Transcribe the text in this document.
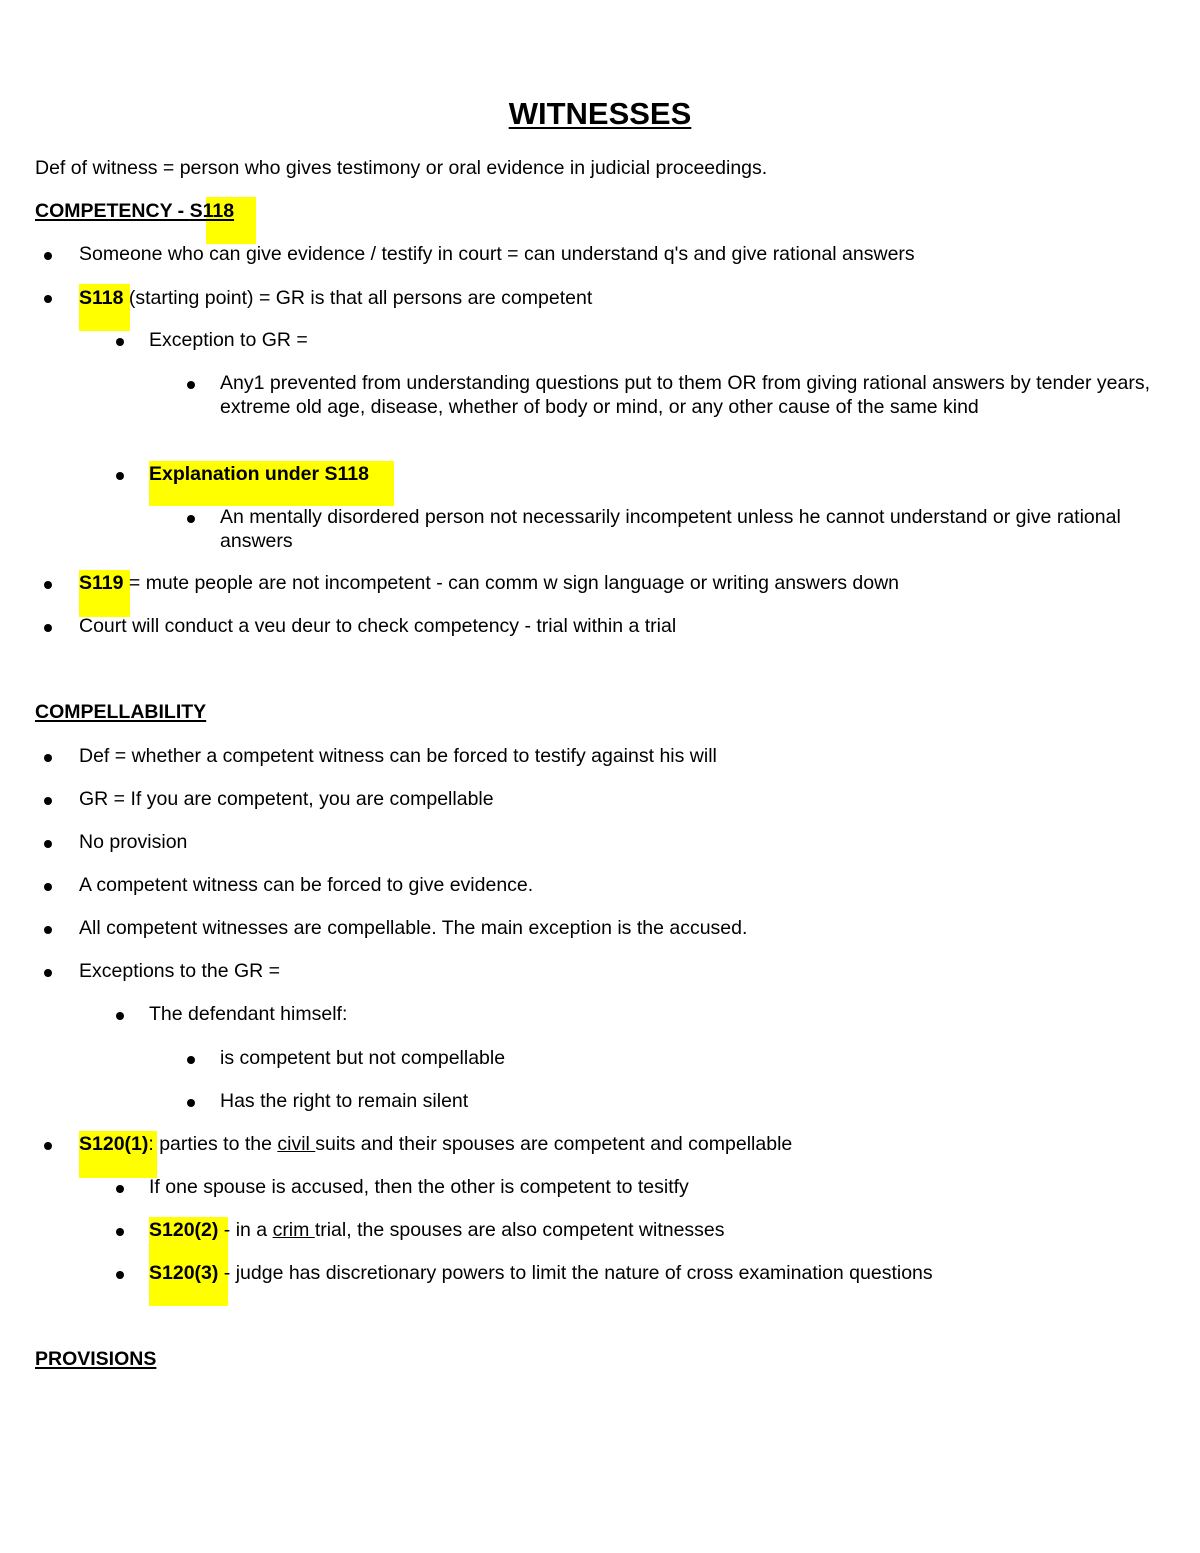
WITNESSES
Def of witness = person who gives testimony or oral evidence in judicial proceedings.
COMPETENCY - S118
Someone who can give evidence / testify in court = can understand q's and give rational answers
S118 (starting point) = GR is that all persons are competent
Exception to GR =
Any1 prevented from understanding questions put to them OR from giving rational answers by tender years, extreme old age, disease, whether of body or mind, or any other cause of the same kind
Explanation under S118
An mentally disordered person not necessarily incompetent unless he cannot understand or give rational answers
S119 = mute people are not incompetent - can comm w sign language or writing answers down
Court will conduct a veu deur to check competency - trial within a trial
COMPELLABILITY
Def = whether a competent witness can be forced to testify against his will
GR = If you are competent, you are compellable
No provision
A competent witness can be forced to give evidence.
All competent witnesses are compellable. The main exception is the accused.
Exceptions to the GR =
The defendant himself:
is competent but not compellable
Has the right to remain silent
S120(1): parties to the civil suits and their spouses are competent and compellable
If one spouse is accused, then the other is competent to tesitfy
S120(2) - in a crim trial, the spouses are also competent witnesses
S120(3) - judge has discretionary powers to limit the nature of cross examination questions
PROVISIONS
